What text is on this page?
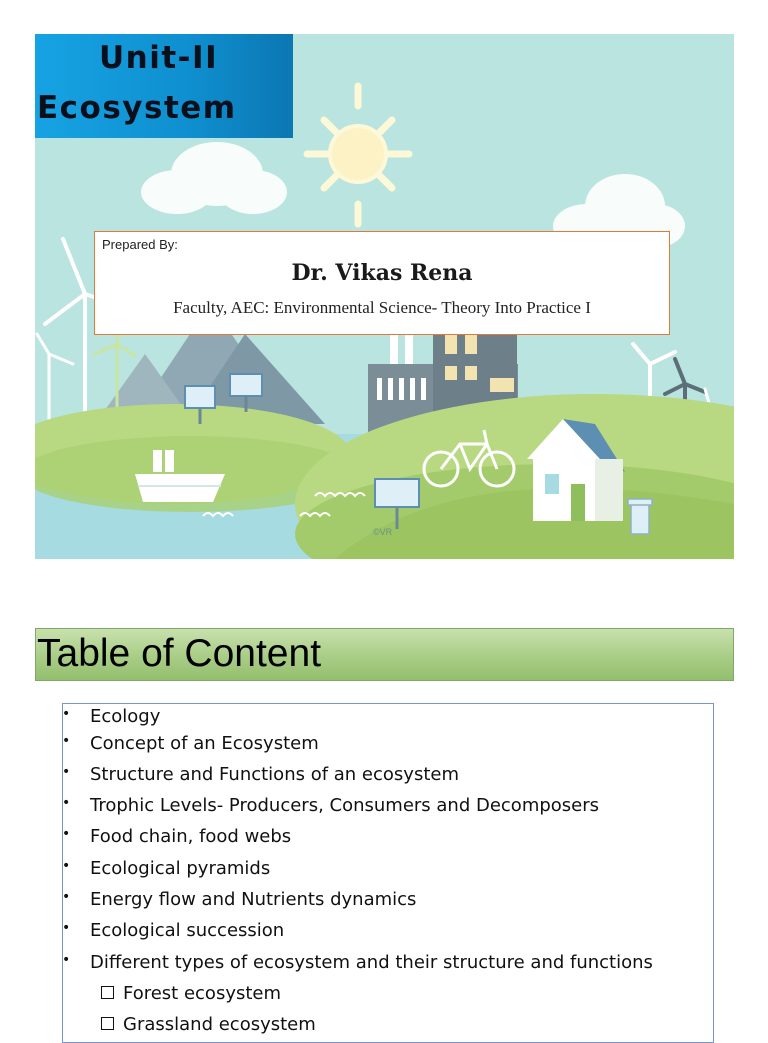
Unit-II
Ecosystem
Prepared By:
Dr. Vikas Rena
Faculty, AEC: Environmental Science- Theory Into Practice I
©VR
Table of Content
• Ecology
• Concept of an Ecosystem
• Structure and Functions of an ecosystem
• Trophic Levels- Producers, Consumers and Decomposers
• Food chain, food webs
• Ecological pyramids
• Energy flow and Nutrients dynamics
• Ecological succession
• Different types of ecosystem and their structure and functions
Forest ecosystem
Grassland ecosystem
